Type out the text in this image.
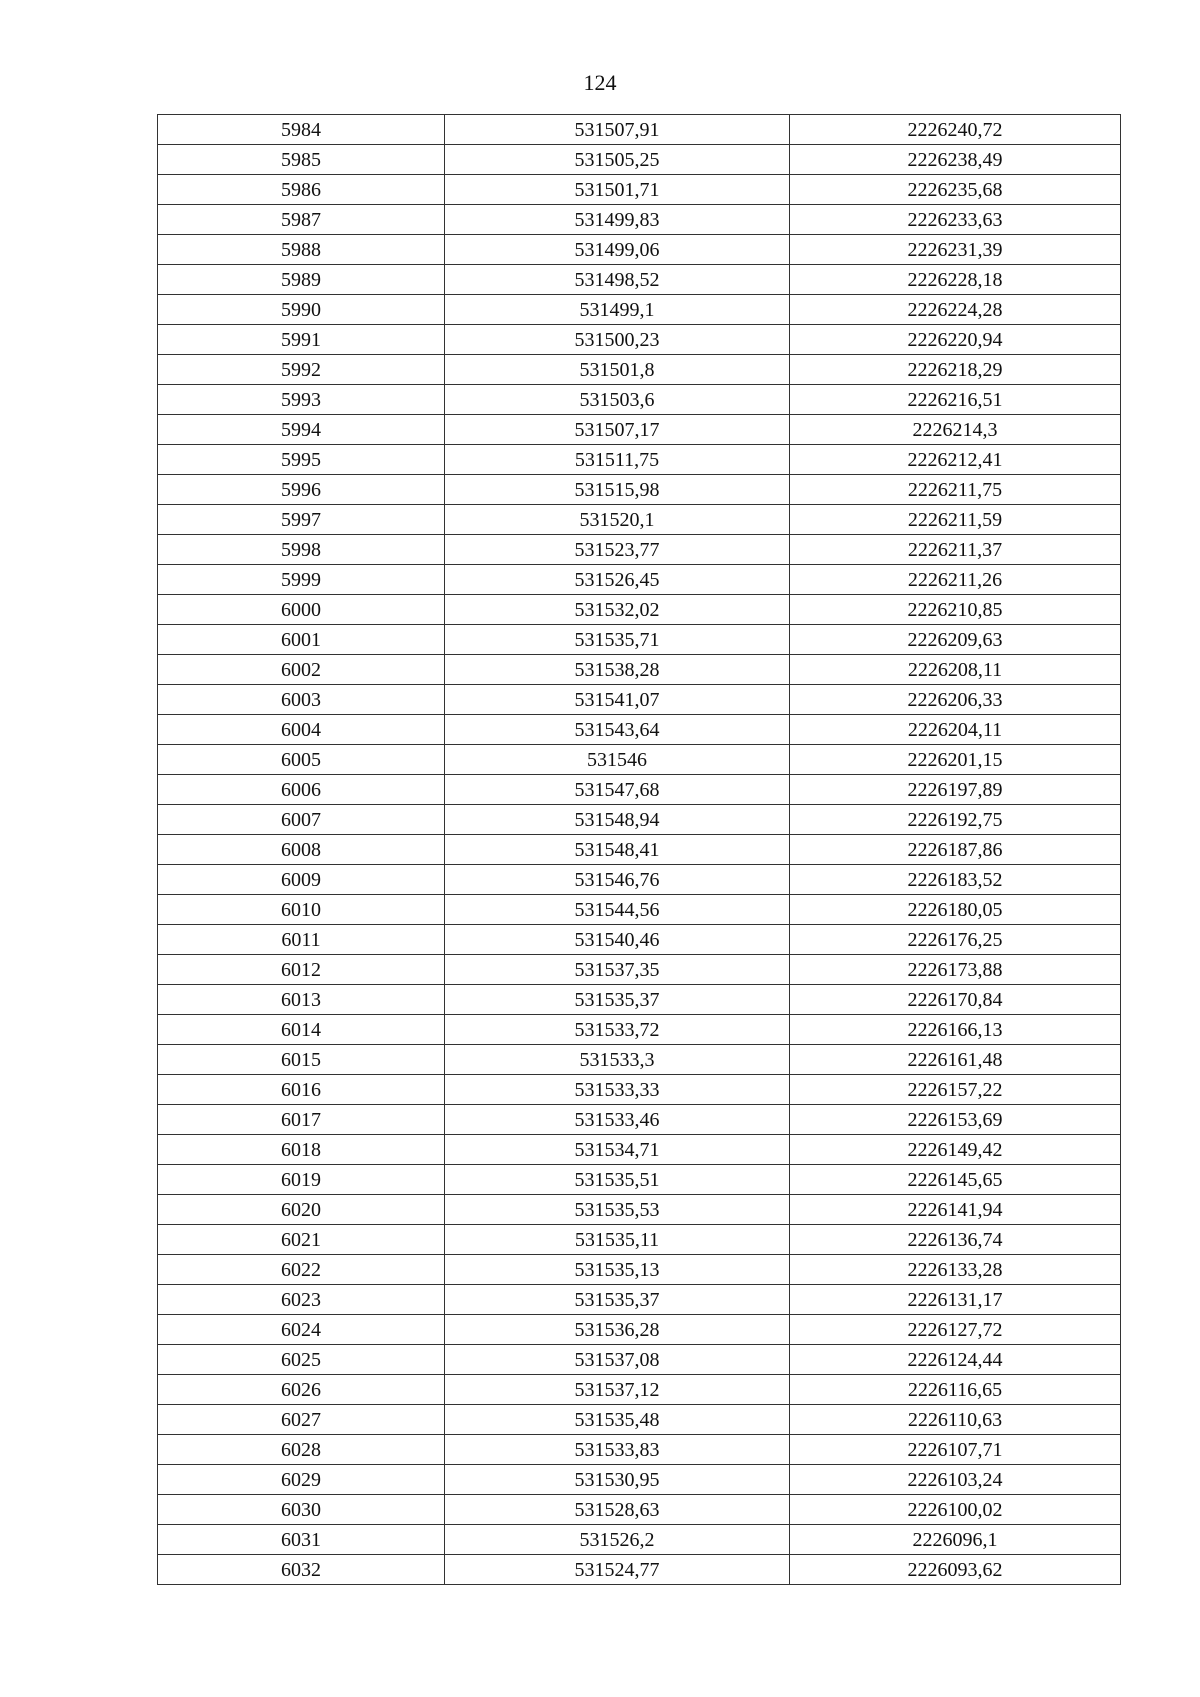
124
5984	531507,91	2226240,72
5985	531505,25	2226238,49
5986	531501,71	2226235,68
5987	531499,83	2226233,63
5988	531499,06	2226231,39
5989	531498,52	2226228,18
5990	531499,1	2226224,28
5991	531500,23	2226220,94
5992	531501,8	2226218,29
5993	531503,6	2226216,51
5994	531507,17	2226214,3
5995	531511,75	2226212,41
5996	531515,98	2226211,75
5997	531520,1	2226211,59
5998	531523,77	2226211,37
5999	531526,45	2226211,26
6000	531532,02	2226210,85
6001	531535,71	2226209,63
6002	531538,28	2226208,11
6003	531541,07	2226206,33
6004	531543,64	2226204,11
6005	531546	2226201,15
6006	531547,68	2226197,89
6007	531548,94	2226192,75
6008	531548,41	2226187,86
6009	531546,76	2226183,52
6010	531544,56	2226180,05
6011	531540,46	2226176,25
6012	531537,35	2226173,88
6013	531535,37	2226170,84
6014	531533,72	2226166,13
6015	531533,3	2226161,48
6016	531533,33	2226157,22
6017	531533,46	2226153,69
6018	531534,71	2226149,42
6019	531535,51	2226145,65
6020	531535,53	2226141,94
6021	531535,11	2226136,74
6022	531535,13	2226133,28
6023	531535,37	2226131,17
6024	531536,28	2226127,72
6025	531537,08	2226124,44
6026	531537,12	2226116,65
6027	531535,48	2226110,63
6028	531533,83	2226107,71
6029	531530,95	2226103,24
6030	531528,63	2226100,02
6031	531526,2	2226096,1
6032	531524,77	2226093,62
